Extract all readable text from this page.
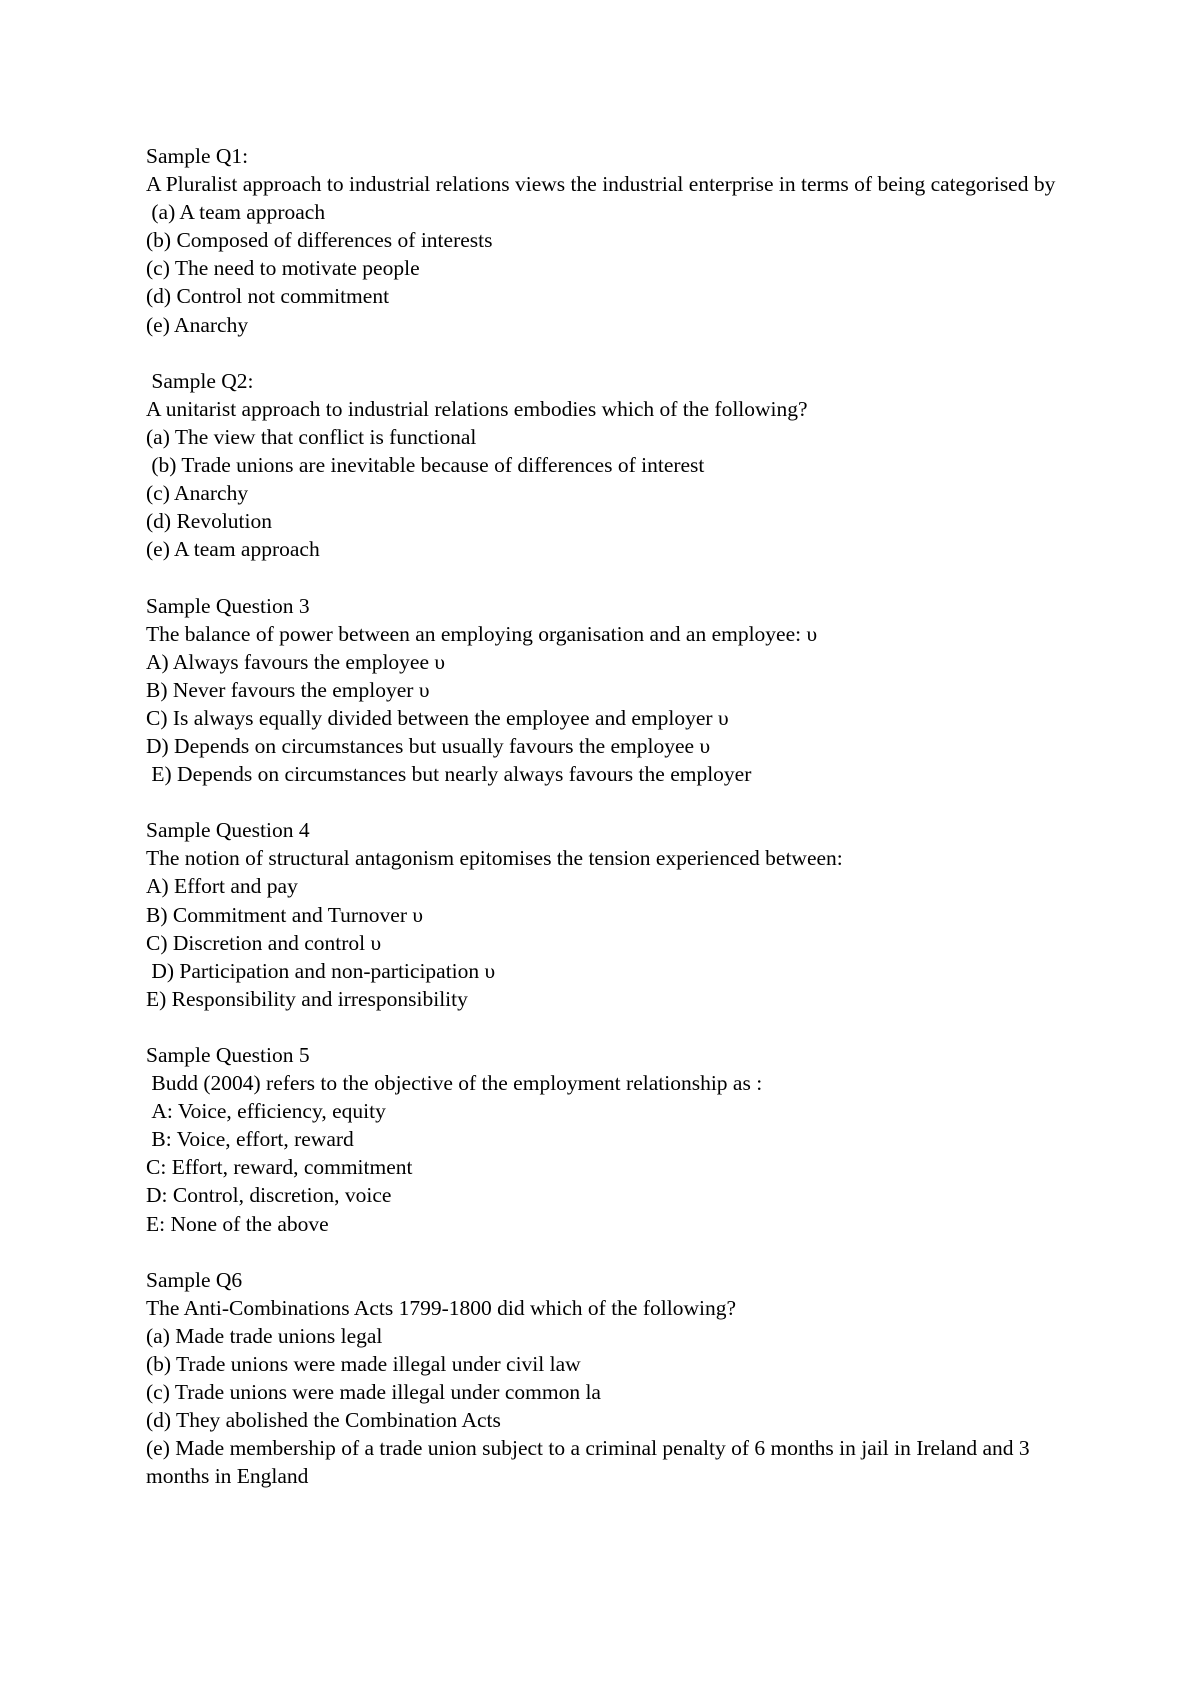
Sample Q1:
A Pluralist approach to industrial relations views the industrial enterprise in terms of being categorised by
(a) A team approach
(b) Composed of differences of interests
(c) The need to motivate people
(d) Control not commitment
(e) Anarchy
Sample Q2:
A unitarist approach to industrial relations embodies which of the following?
(a) The view that conflict is functional
(b) Trade unions are inevitable because of differences of interest
(c) Anarchy
(d) Revolution
(e) A team approach
Sample Question 3
The balance of power between an employing organisation and an employee: υ
A) Always favours the employee υ
B) Never favours the employer υ
C) Is always equally divided between the employee and employer υ
D) Depends on circumstances but usually favours the employee υ
E) Depends on circumstances but nearly always favours the employer
Sample Question 4
The notion of structural antagonism epitomises the tension experienced between:
A) Effort and pay
B) Commitment and Turnover υ
C) Discretion and control υ
D) Participation and non-participation υ
E) Responsibility and irresponsibility
Sample Question 5
Budd (2004) refers to the objective of the employment relationship as :
A: Voice, efficiency, equity
B: Voice, effort, reward
C: Effort, reward, commitment
D: Control, discretion, voice
E: None of the above
Sample Q6
The Anti-Combinations Acts 1799-1800 did which of the following?
(a) Made trade unions legal
(b) Trade unions were made illegal under civil law
(c) Trade unions were made illegal under common la
(d) They abolished the Combination Acts
(e) Made membership of a trade union subject to a criminal penalty of 6 months in jail in Ireland and 3 months in England
